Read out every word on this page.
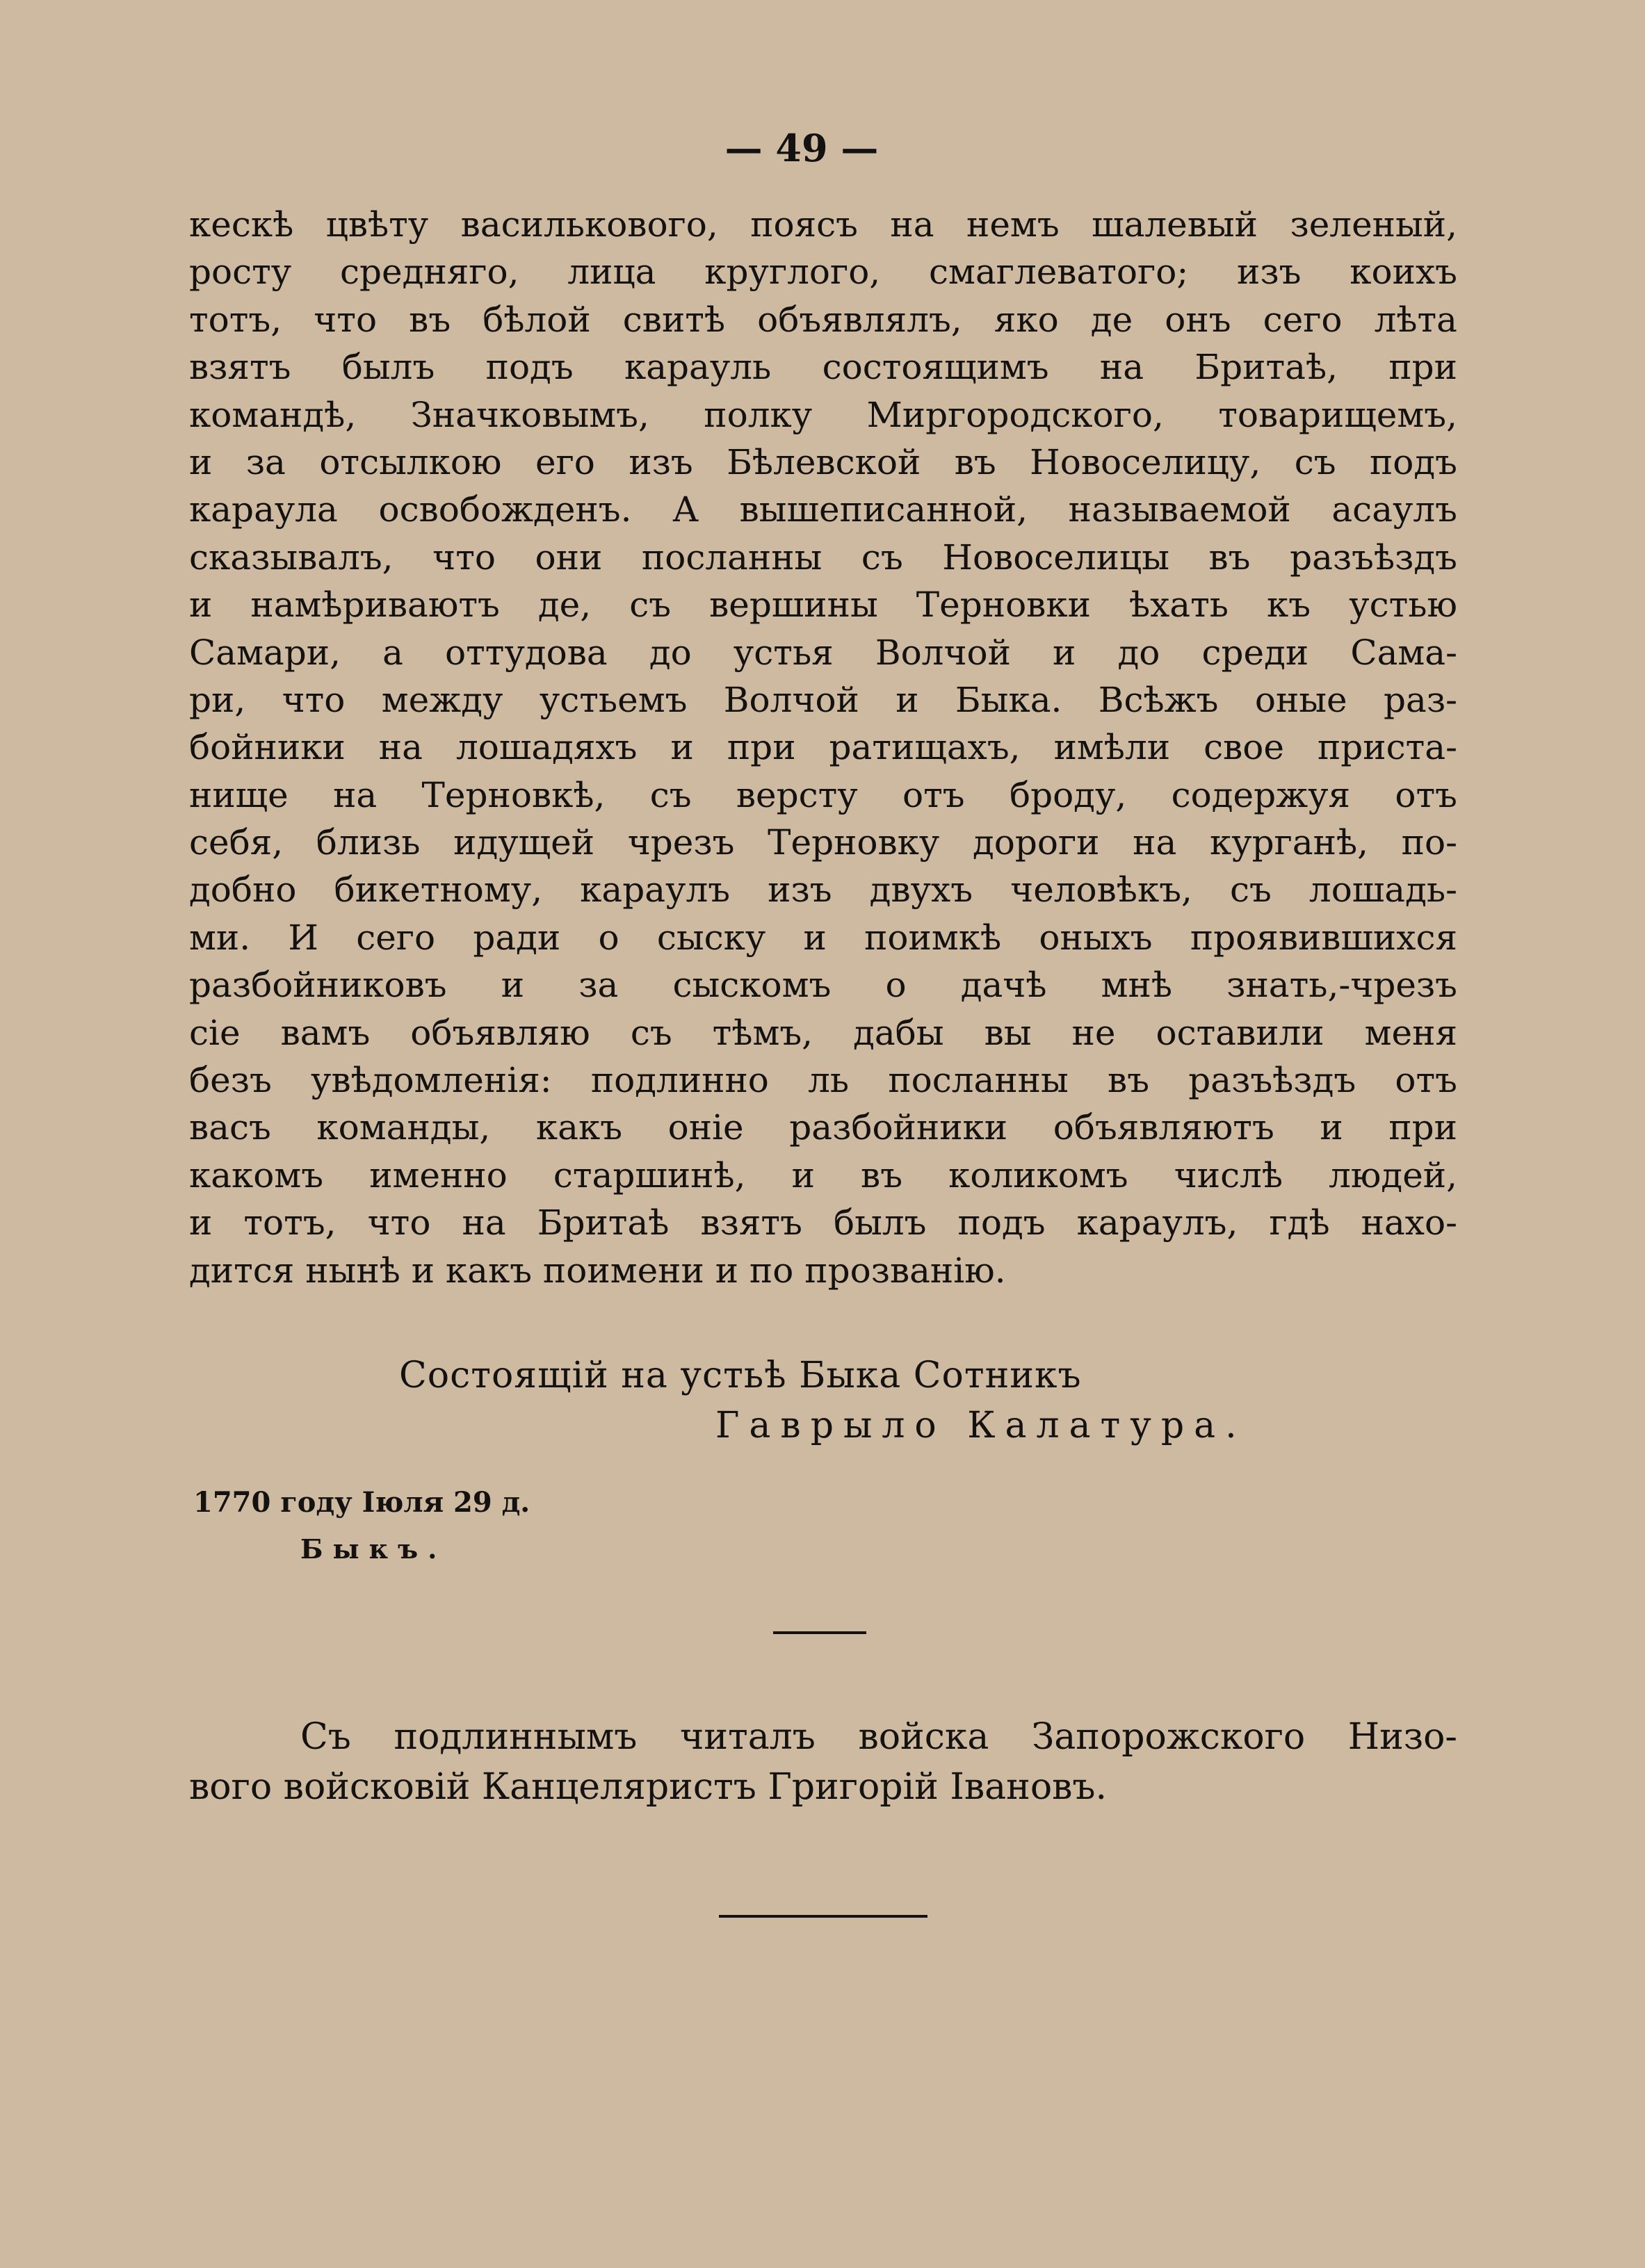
— 49 —
кескѣ цвѣту василькового, поясъ на немъ шалевый зеленый,
росту средняго, лица круглого, смаглеватого; изъ коихъ
тотъ, что въ бѣлой свитѣ объявлялъ, яко де онъ сего лѣта
взятъ былъ подъ карауль состоящимъ на Бритаѣ, при
командѣ, Значковымъ, полку Миргородского, товарищемъ,
и за отсылкою его изъ Бѣлевской въ Новоселицу, съ подъ
караула освобожденъ. А вышеписанной, называемой асаулъ
сказывалъ, что они посланны съ Новоселицы въ разъѣздъ
и намѣриваютъ де, съ вершины Терновки ѣхать къ устью
Самари, а оттудова до устья Волчой и до среди Сама-
ри, что между устьемъ Волчой и Быка. Всѣжъ оные раз-
бойники на лошадяхъ и при ратищахъ, имѣли свое приста-
нище на Терновкѣ, съ версту отъ броду, содержуя отъ
себя, близь идущей чрезъ Терновку дороги на курганѣ, по-
добно бикетному, караулъ изъ двухъ человѣкъ, съ лошадь-
ми. И сего ради о сыску и поимкѣ оныхъ проявившихся
разбойниковъ и за сыскомъ о дачѣ мнѣ знать,-чрезъ
сіе вамъ объявляю съ тѣмъ, дабы вы не оставили меня
безъ увѣдомленія: подлинно ль посланны въ разъѣздъ отъ
васъ команды, какъ оніе разбойники объявляютъ и при
какомъ именно старшинѣ, и въ коликомъ числѣ людей,
и тотъ, что на Бритаѣ взятъ былъ подъ караулъ, гдѣ нахо-
дится нынѣ и какъ поимени и по прозванію.
Состоящій на устьѣ Быка Сотникъ
Гаврыло Калатура.
1770 году Іюля 29 д.
Быкъ.
Съ подлиннымъ читалъ войска Запорожского Низо-
вого войсковій Канцеляристъ Григорій Івановъ.
